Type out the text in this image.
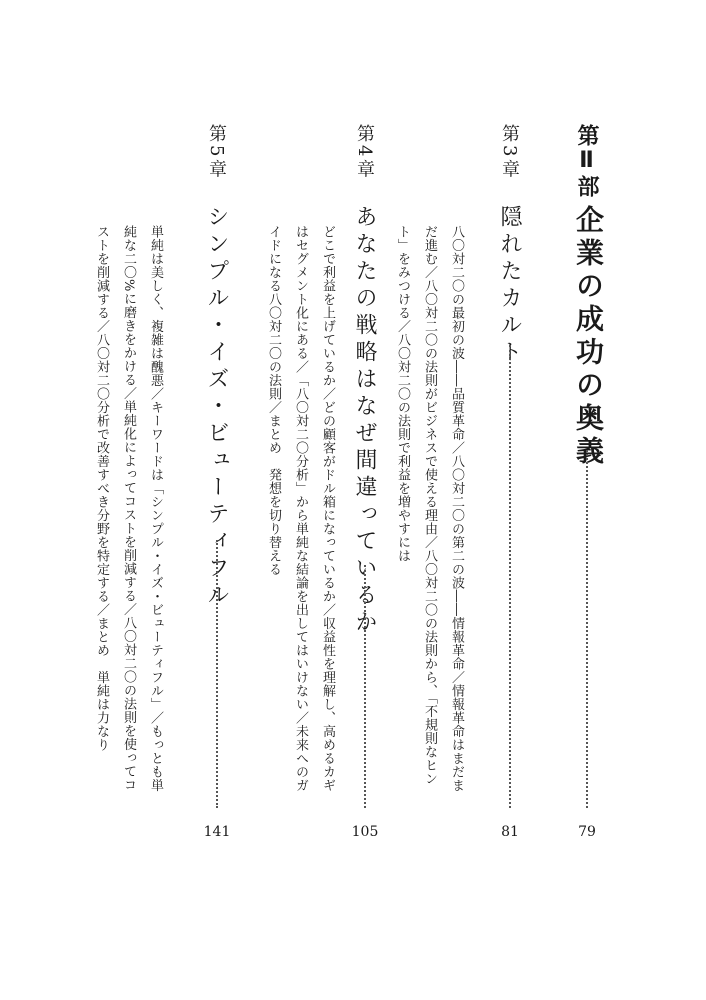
第Ⅱ部
企業の成功の奥義
79
第3章
隠れたカルト
81
八〇対二〇の最初の波――品質革命／八〇対二〇の第二の波――情報革命／情報革命はまだまだ進む／八〇対二〇の法則がビジネスで使える理由／八〇対二〇の法則から、「不規則なヒント」をみつける／八〇対二〇の法則で利益を増やすには
第4章
あなたの戦略はなぜ間違っているか
105
どこで利益を上げているか／どの顧客がドル箱になっているか／収益性を理解し、高めるカギはセグメント化にある／「八〇対二〇分析」から単純な結論を出してはいけない／未来へのガイドになる八〇対二〇の法則／まとめ　発想を切り替える
第5章
シンプル・イズ・ビューティフル
141
単純は美しく、複雑は醜悪／キーワードは「シンプル・イズ・ビューティフル」／もっとも単純な二〇%に磨きをかける／単純化によってコストを削減する／八〇対二〇の法則を使ってコストを削減する／八〇対二〇分析で改善すべき分野を特定する／まとめ　単純は力なり
